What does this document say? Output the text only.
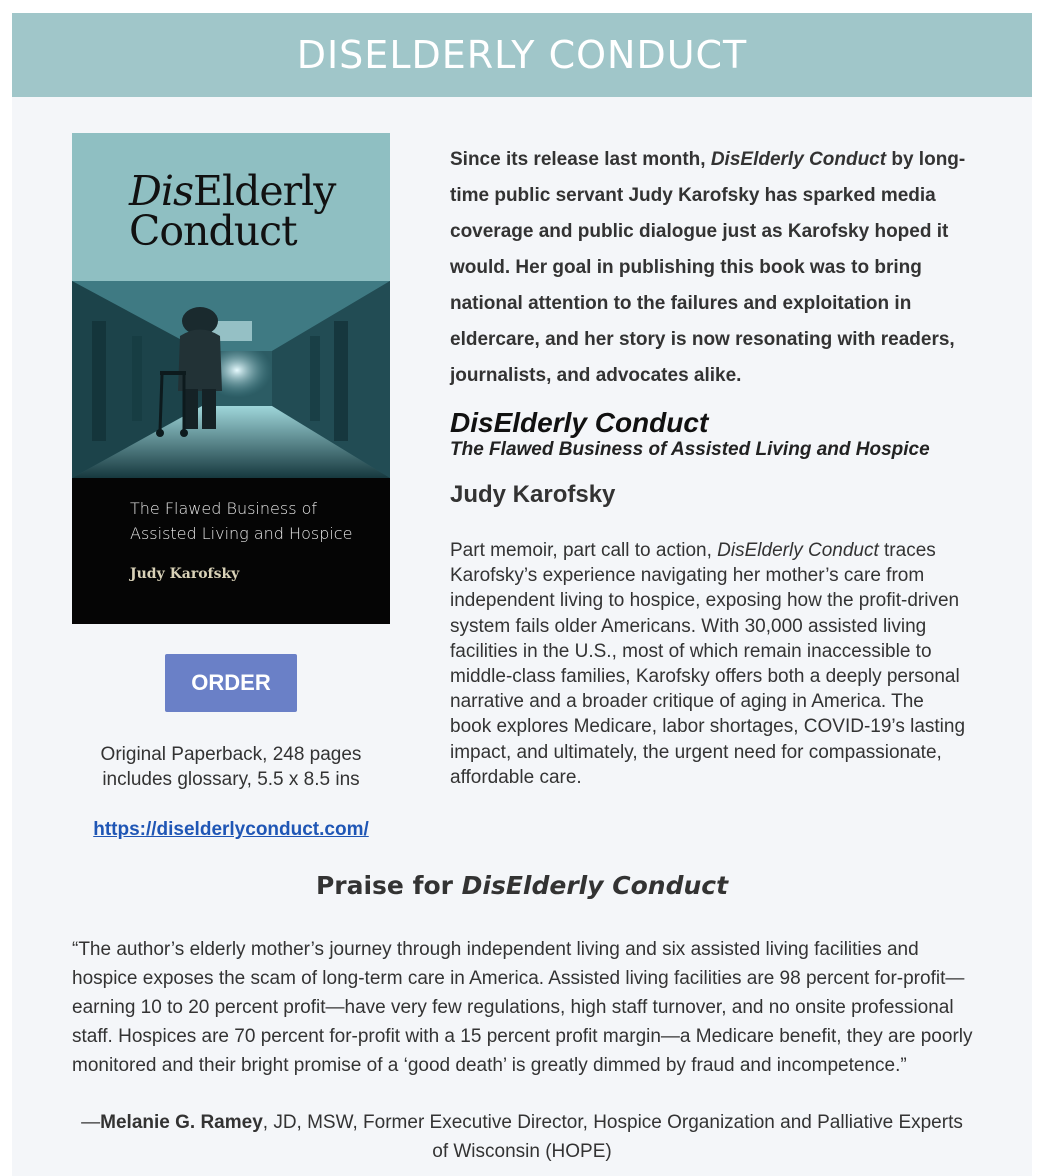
DISELDERLY CONDUCT
DisElderly
Conduct
The Flawed Business of
Assisted Living and Hospice
Judy Karofsky
ORDER
Original Paperback, 248 pages
includes glossary, 5.5 x 8.5 ins
https://diselderlyconduct.com/

Since its release last month, DisElderly Conduct by long-time public servant Judy Karofsky has sparked media coverage and public dialogue just as Karofsky hoped it would. Her goal in publishing this book was to bring national attention to the failures and exploitation in eldercare, and her story is now resonating with readers, journalists, and advocates alike.

DisElderly Conduct
The Flawed Business of Assisted Living and Hospice
Judy Karofsky
Part memoir, part call to action, DisElderly Conduct traces Karofsky’s experience navigating her mother’s care from independent living to hospice, exposing how the profit-driven system fails older Americans. With 30,000 assisted living facilities in the U.S., most of which remain inaccessible to middle-class families, Karofsky offers both a deeply personal narrative and a broader critique of aging in America. The book explores Medicare, labor shortages, COVID-19’s lasting impact, and ultimately, the urgent need for compassionate, affordable care.
Praise for DisElderly Conduct
“The author’s elderly mother’s journey through independent living and six assisted living facilities and hospice exposes the scam of long-term care in America. Assisted living facilities are 98 percent for-profit—earning 10 to 20 percent profit—have very few regulations, high staff turnover, and no onsite professional staff. Hospices are 70 percent for-profit with a 15 percent profit margin—a Medicare benefit, they are poorly monitored and their bright promise of a ‘good death’ is greatly dimmed by fraud and incompetence.”
—Melanie G. Ramey, JD, MSW, Former Executive Director, Hospice Organization and Palliative Experts of Wisconsin (HOPE)
